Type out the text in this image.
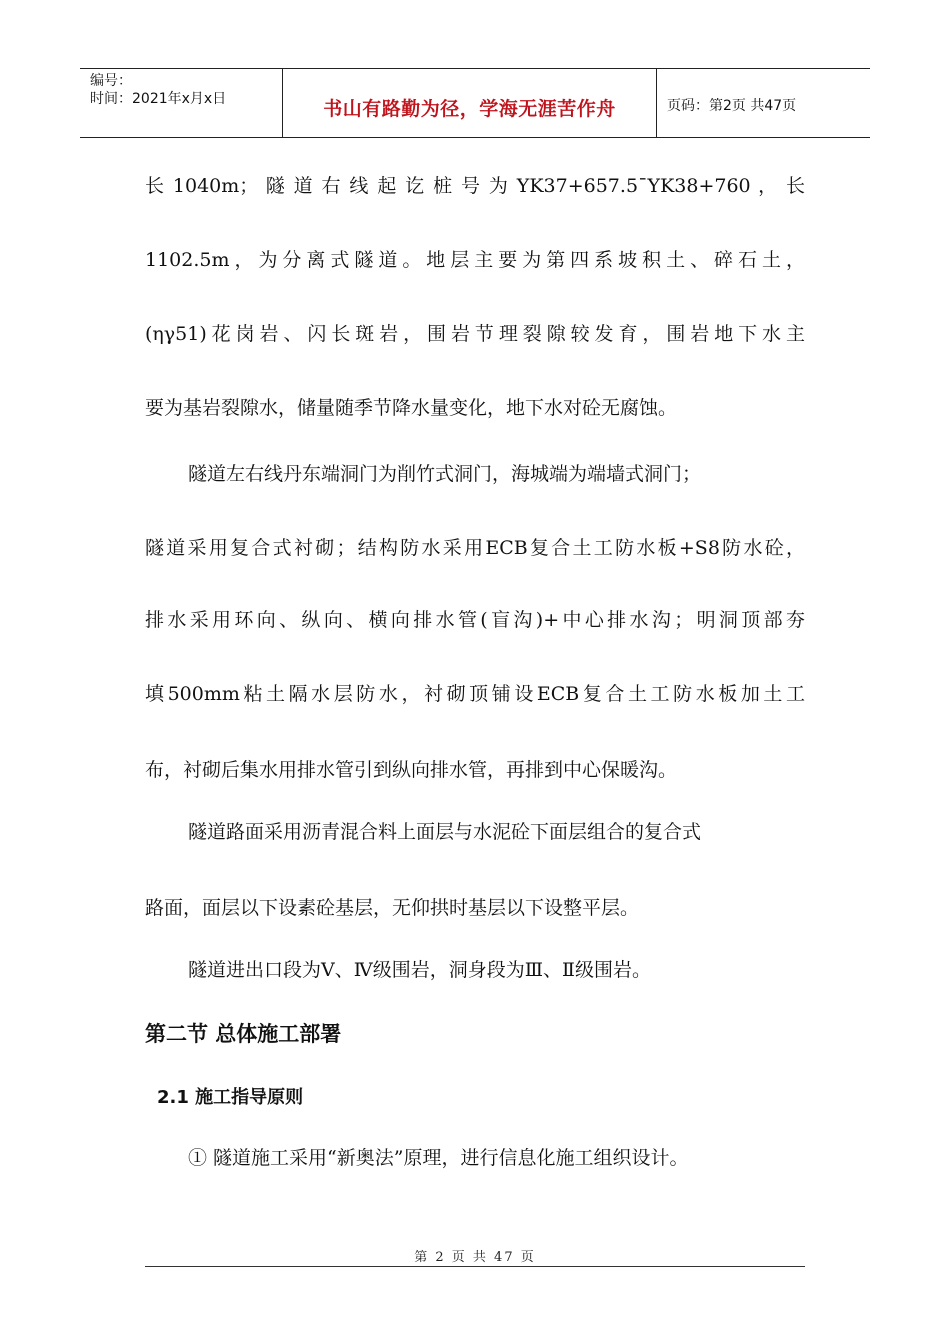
编号：
时间：2021年x月x日	书山有路勤为径，学海无涯苦作舟	页码：第2页 共47页
长 1040m； 隧 道 右 线 起 讫 桩 号 为 YK37+657.5¯YK38+760 ， 长
1102.5m，为分离式隧道。地层主要为第四系坡积土、碎石土，
(ηγ51)花岗岩、闪长斑岩，围岩节理裂隙较发育，围岩地下水主
要为基岩裂隙水，储量随季节降水量变化，地下水对砼无腐蚀。
隧道左右线丹东端洞门为削竹式洞门，海城端为端墙式洞门；
隧道采用复合式衬砌；结构防水采用ECB复合土工防水板+S8防水砼，
排水采用环向、纵向、横向排水管(盲沟)+中心排水沟；明洞顶部夯
填500mm粘土隔水层防水，衬砌顶铺设ECB复合土工防水板加土工
布，衬砌后集水用排水管引到纵向排水管，再排到中心保暖沟。
隧道路面采用沥青混合料上面层与水泥砼下面层组合的复合式
路面，面层以下设素砼基层，无仰拱时基层以下设整平层。
隧道进出口段为Ⅴ、Ⅳ级围岩，洞身段为Ⅲ、Ⅱ级围岩。
第二节 总体施工部署
2.1 施工指导原则
① 隧道施工采用“新奥法”原理，进行信息化施工组织设计。
第 2 页 共 47 页
